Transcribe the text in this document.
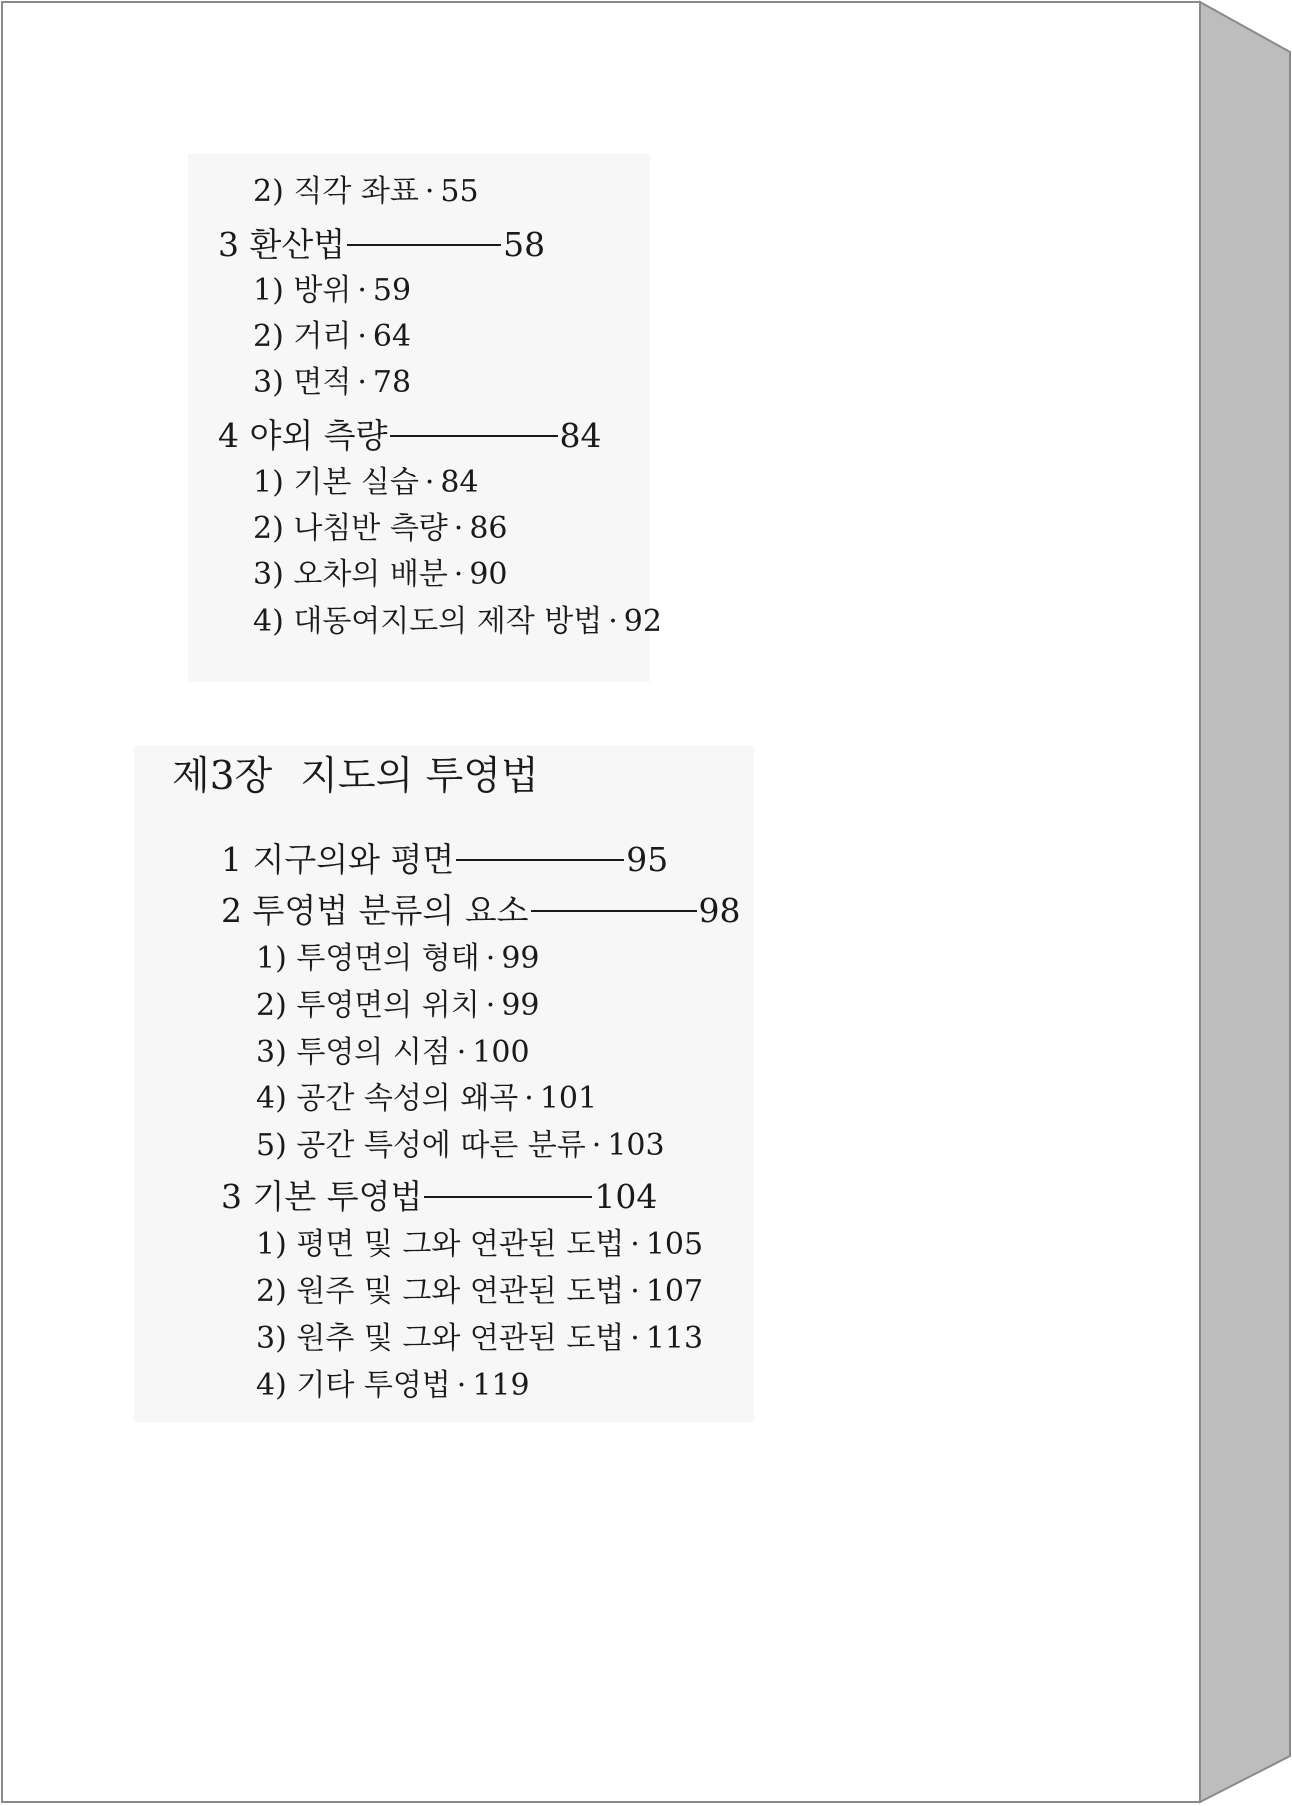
2) 직각 좌표 · 55
3 환산법	58
1) 방위 · 59
2) 거리 · 64
3) 면적 · 78
4 야외 측량	84
1) 기본 실습 · 84
2) 나침반 측량 · 86
3) 오차의 배분 · 90
4) 대동여지도의 제작 방법 · 92
제3장 지도의 투영법
1 지구의와 평면	95
2 투영법 분류의 요소	98
1) 투영면의 형태 · 99
2) 투영면의 위치 · 99
3) 투영의 시점 · 100
4) 공간 속성의 왜곡 · 101
5) 공간 특성에 따른 분류 · 103
3 기본 투영법	104
1) 평면 및 그와 연관된 도법 · 105
2) 원주 및 그와 연관된 도법 · 107
3) 원추 및 그와 연관된 도법 · 113
4) 기타 투영법 · 119
